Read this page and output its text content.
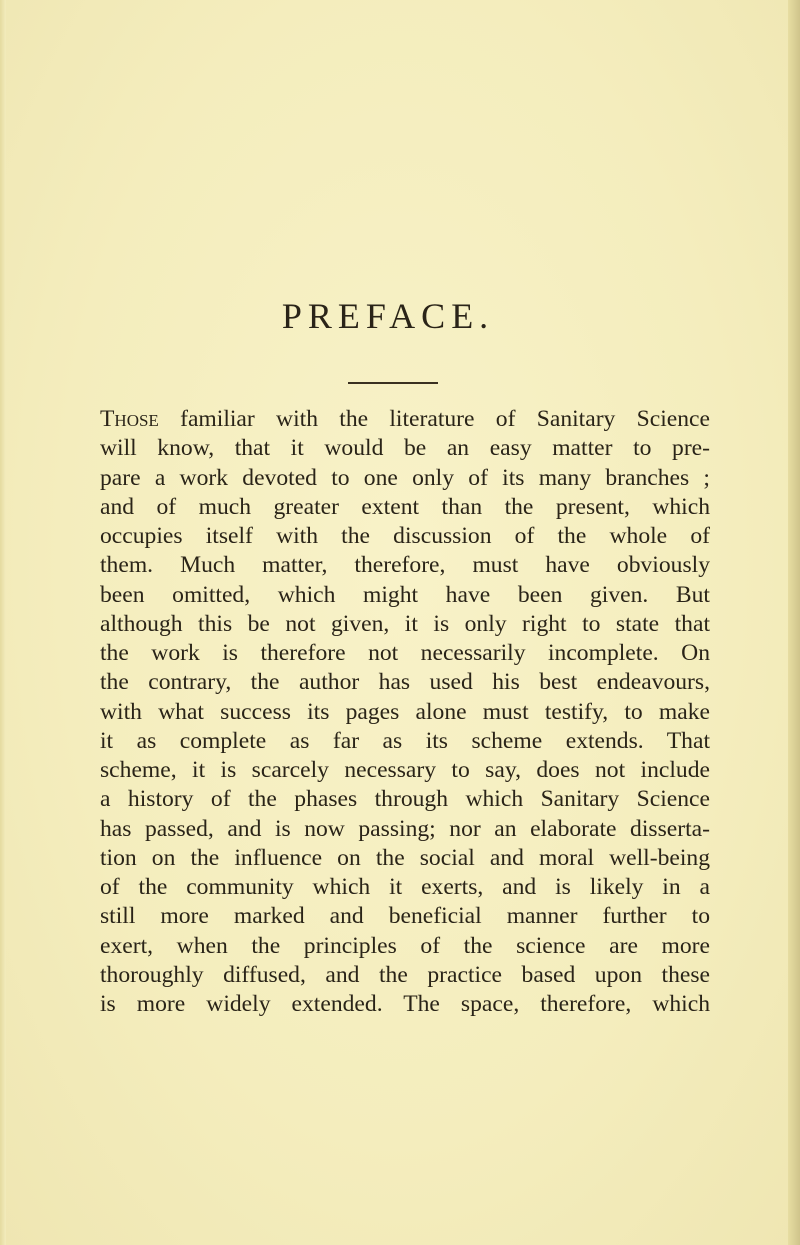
PREFACE.

Those familiar with the literature of Sanitary Science
will know, that it would be an easy matter to pre-
pare a work devoted to one only of its many branches ;
and of much greater extent than the present, which
occupies itself with the discussion of the whole of
them. Much matter, therefore, must have obviously
been omitted, which might have been given. But
although this be not given, it is only right to state that
the work is therefore not necessarily incomplete. On
the contrary, the author has used his best endeavours,
with what success its pages alone must testify, to make
it as complete as far as its scheme extends. That
scheme, it is scarcely necessary to say, does not include
a history of the phases through which Sanitary Science
has passed, and is now passing; nor an elaborate disserta-
tion on the influence on the social and moral well-being
of the community which it exerts, and is likely in a
still more marked and beneficial manner further to
exert, when the principles of the science are more
thoroughly diffused, and the practice based upon these
is more widely extended. The space, therefore, which
